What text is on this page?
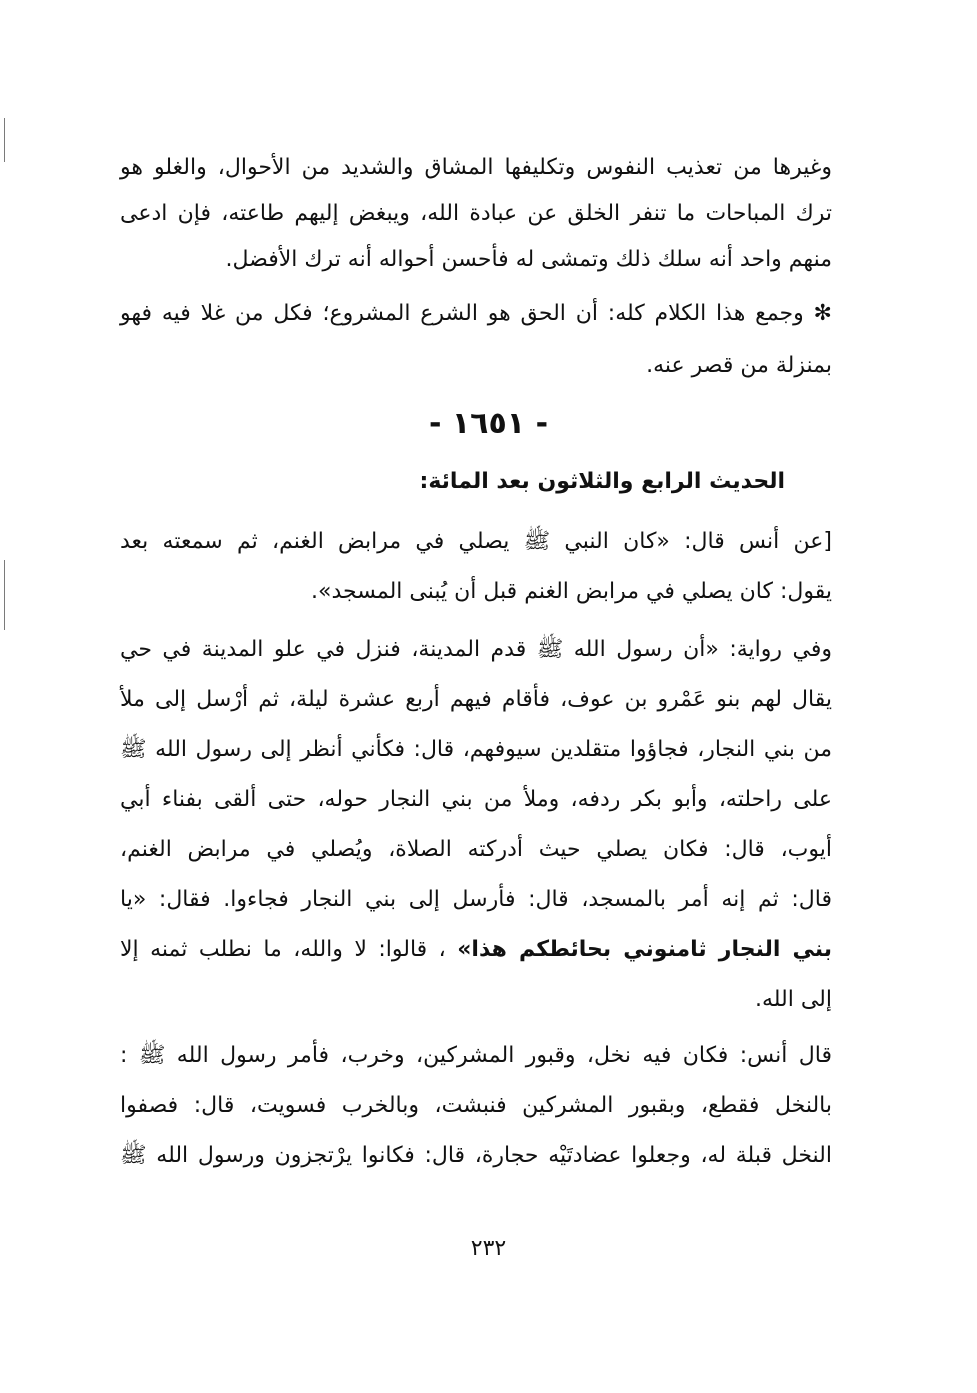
وغيرها من تعذيب النفوس وتكليفها المشاق والشديد من الأحوال، والغلو هو
ترك المباحات ما تنفر الخلق عن عبادة الله، ويبغض إليهم طاعته، فإن ادعى
منهم واحد أنه سلك ذلك وتمشى له فأحسن أحواله أنه ترك الأفضل.
✻ وجمع هذا الكلام كله: أن الحق هو الشرع المشروع؛ فكل من غلا فيه فهو
بمنزلة من قصر عنه.
- ١٦٥١ -
الحديث الرابع والثلاثون بعد المائة:
[عن أنس قال: «كان النبي ﷺ يصلي في مرابض الغنم، ثم سمعته بعد
يقول: كان يصلي في مرابض الغنم قبل أن يُبنى المسجد».
وفي رواية: «أن رسول الله ﷺ قدم المدينة، فنزل في علو المدينة في حي
يقال لهم بنو عَمْرو بن عوف، فأقام فيهم أربع عشرة ليلة، ثم أرْسل إلى ملأ
من بني النجار، فجاؤوا متقلدين سيوفهم، قال: فكأني أنظر إلى رسول الله ﷺ
على راحلته، وأبو بكر ردفه، وملأ من بني النجار حوله، حتى ألقى بفناء أبي
أيوب، قال: فكان يصلي حيث أدركته الصلاة، ويُصلي في مرابض الغنم،
قال: ثم إنه أمر بالمسجد، قال: فأرسل إلى بني النجار فجاءوا. فقال: «يا
بني النجار ثامنوني بحائطكم هذا» ، قالوا: لا والله، ما نطلب ثمنه إلا
إلى الله.
قال أنس: فكان فيه نخل، وقبور المشركين، وخرب، فأمر رسول الله ﷺ :
بالنخل فقطع، وبقبور المشركين فنبشت، وبالخرب فسويت، قال: فصفوا
النخل قبلة له، وجعلوا عضادتَيْه حجارة، قال: فكانوا يرْتجزون ورسول الله ﷺ
٢٣٢
